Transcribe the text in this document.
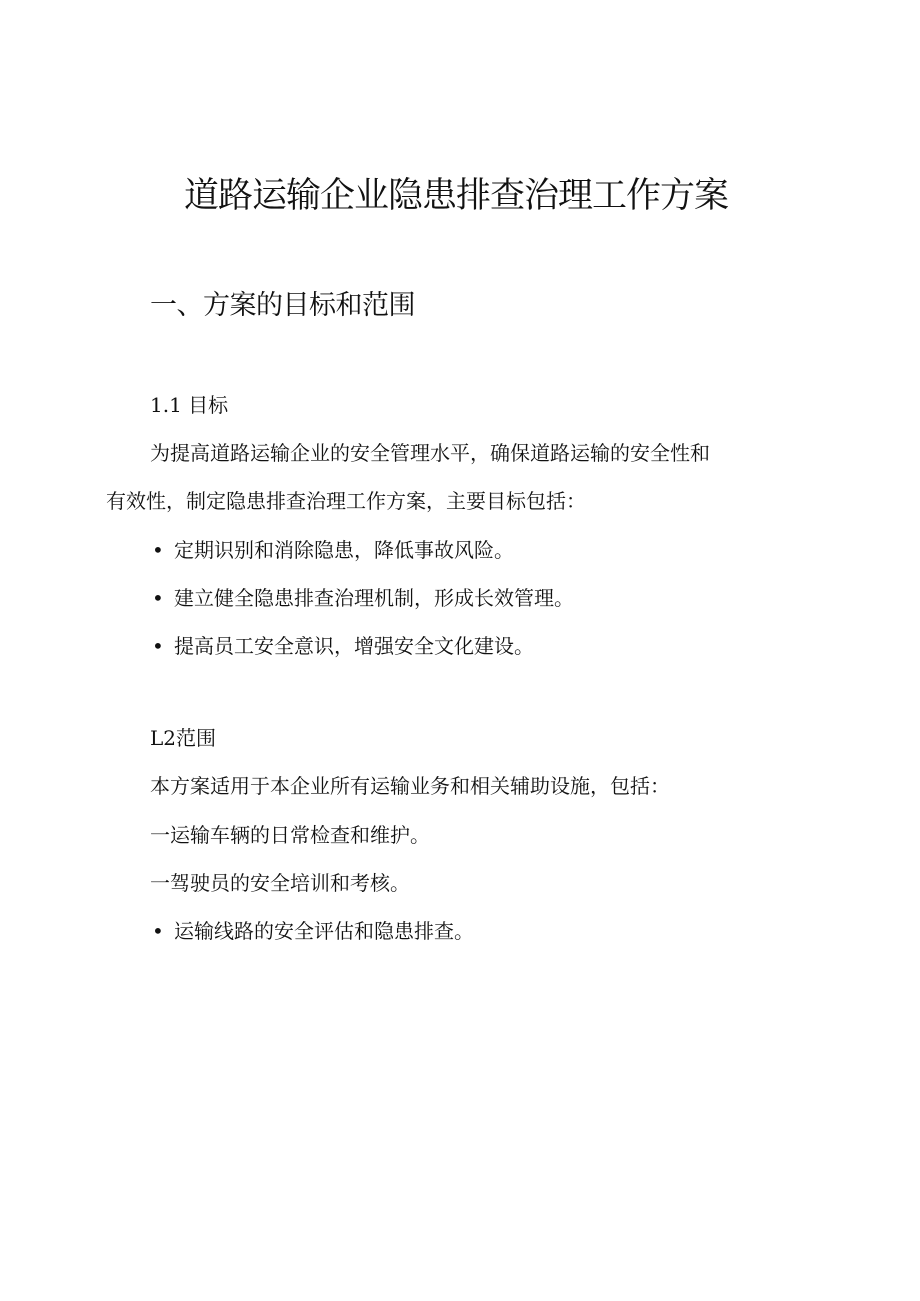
道路运输企业隐患排查治理工作方案
一、方案的目标和范围
1.1 目标
为提高道路运输企业的安全管理水平，确保道路运输的安全性和
有效性，制定隐患排查治理工作方案，主要目标包括：
• 定期识别和消除隐患，降低事故风险。
• 建立健全隐患排查治理机制，形成长效管理。
• 提高员工安全意识，增强安全文化建设。
L2范围
本方案适用于本企业所有运输业务和相关辅助设施，包括：
一运输车辆的日常检查和维护。
一驾驶员的安全培训和考核。
• 运输线路的安全评估和隐患排查。
